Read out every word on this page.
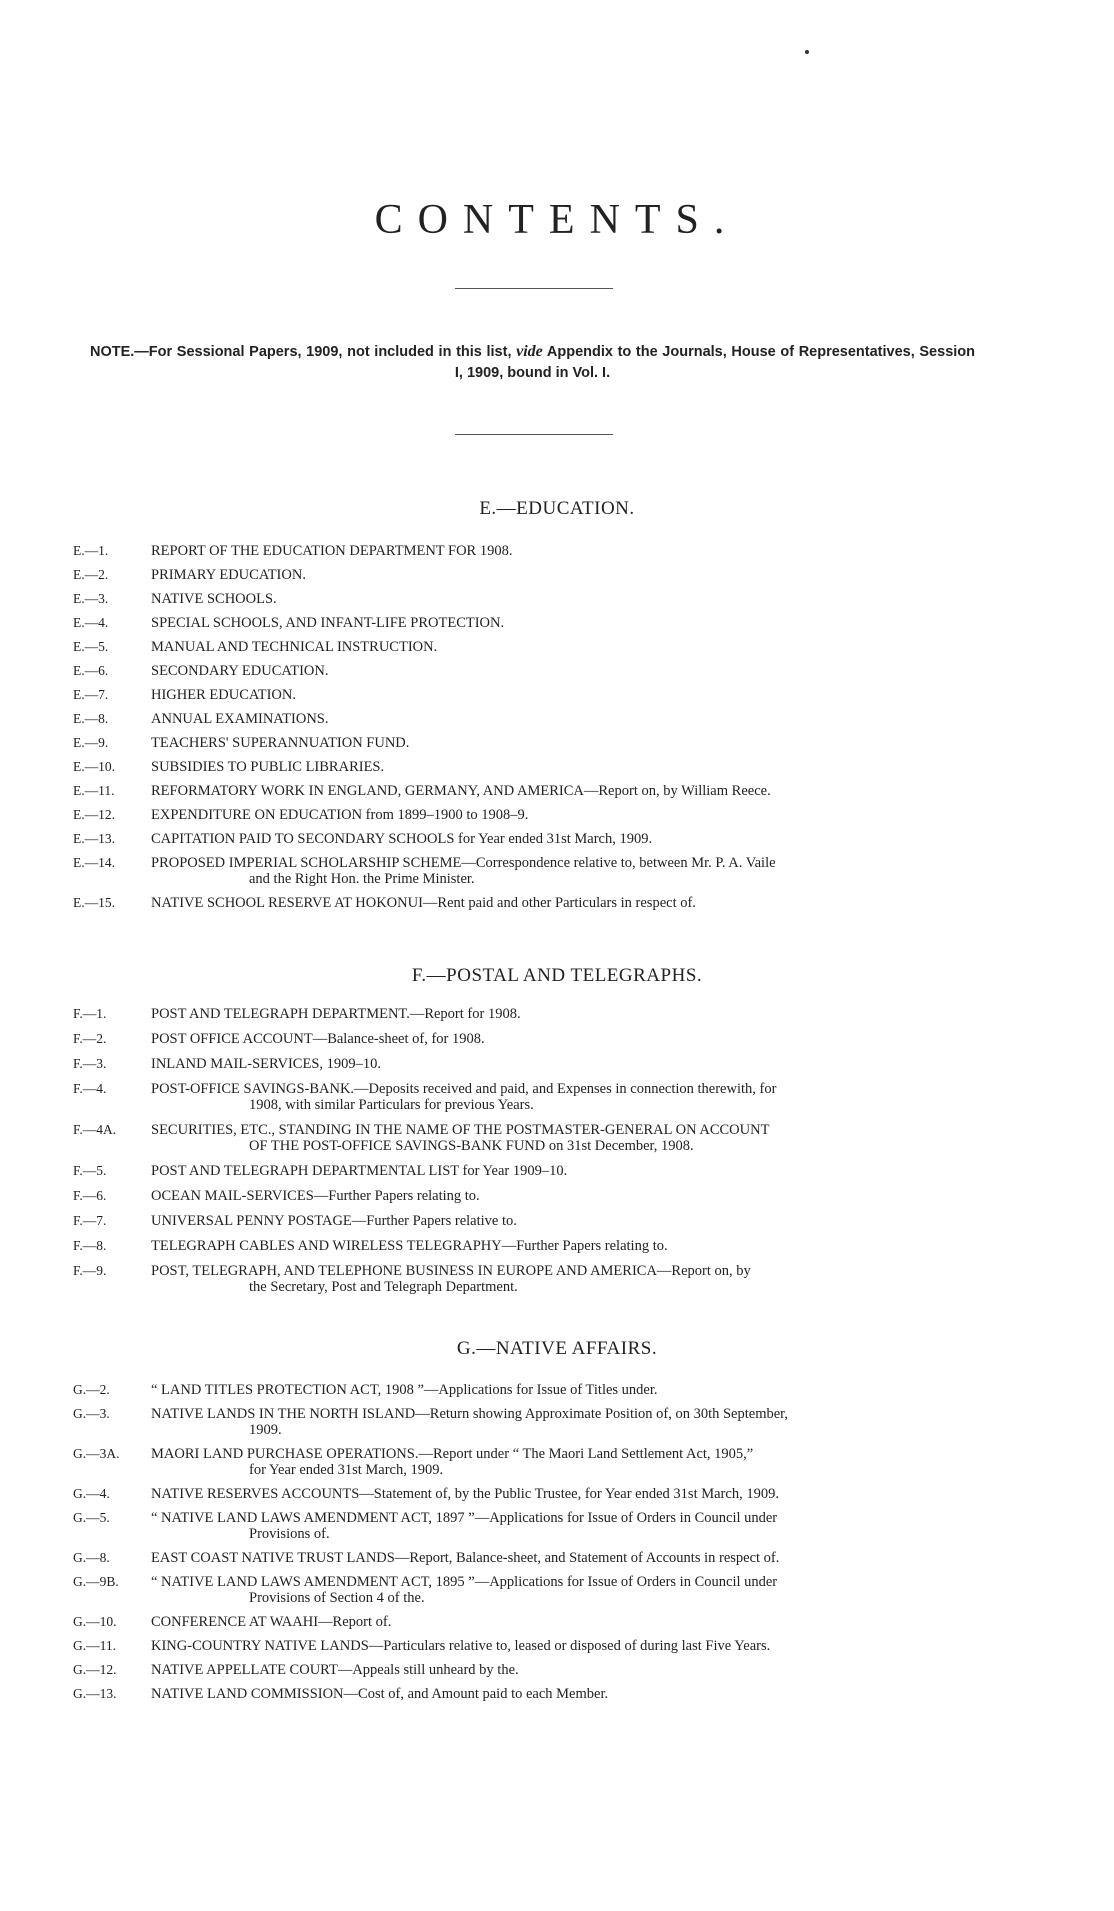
CONTENTS.
NOTE.—For Sessional Papers, 1909, not included in this list, vide Appendix to the Journals, House of Representatives, Session I, 1909, bound in Vol. I.
E.—EDUCATION.
E.—1.	REPORT OF THE EDUCATION DEPARTMENT FOR 1908.
E.—2.	PRIMARY EDUCATION.
E.—3.	NATIVE SCHOOLS.
E.—4.	SPECIAL SCHOOLS, AND INFANT-LIFE PROTECTION.
E.—5.	MANUAL AND TECHNICAL INSTRUCTION.
E.—6.	SECONDARY EDUCATION.
E.—7.	HIGHER EDUCATION.
E.—8.	ANNUAL EXAMINATIONS.
E.—9.	TEACHERS' SUPERANNUATION FUND.
E.—10.	SUBSIDIES TO PUBLIC LIBRARIES.
E.—11.	REFORMATORY WORK IN ENGLAND, GERMANY, AND AMERICA—Report on, by William Reece.
E.—12.	EXPENDITURE ON EDUCATION from 1899–1900 to 1908–9.
E.—13.	CAPITATION PAID TO SECONDARY SCHOOLS for Year ended 31st March, 1909.
E.—14.	PROPOSED IMPERIAL SCHOLARSHIP SCHEME—Correspondence relative to, between Mr. P. A. Vaile
and the Right Hon. the Prime Minister.
E.—15.	NATIVE SCHOOL RESERVE AT HOKONUI—Rent paid and other Particulars in respect of.
F.—POSTAL AND TELEGRAPHS.
F.—1.	POST AND TELEGRAPH DEPARTMENT.—Report for 1908.
F.—2.	POST OFFICE ACCOUNT—Balance-sheet of, for 1908.
F.—3.	INLAND MAIL-SERVICES, 1909–10.
F.—4.	POST-OFFICE SAVINGS-BANK.—Deposits received and paid, and Expenses in connection therewith, for
1908, with similar Particulars for previous Years.
F.—4A.	SECURITIES, ETC., STANDING IN THE NAME OF THE POSTMASTER-GENERAL ON ACCOUNT
OF THE POST-OFFICE SAVINGS-BANK FUND on 31st December, 1908.
F.—5.	POST AND TELEGRAPH DEPARTMENTAL LIST for Year 1909–10.
F.—6.	OCEAN MAIL-SERVICES—Further Papers relating to.
F.—7.	UNIVERSAL PENNY POSTAGE—Further Papers relative to.
F.—8.	TELEGRAPH CABLES AND WIRELESS TELEGRAPHY—Further Papers relating to.
F.—9.	POST, TELEGRAPH, AND TELEPHONE BUSINESS IN EUROPE AND AMERICA—Report on, by
the Secretary, Post and Telegraph Department.
G.—NATIVE AFFAIRS.
G.—2.	“ LAND TITLES PROTECTION ACT, 1908 ”—Applications for Issue of Titles under.
G.—3.	NATIVE LANDS IN THE NORTH ISLAND—Return showing Approximate Position of, on 30th September,
1909.
G.—3A.	MAORI LAND PURCHASE OPERATIONS.—Report under “ The Maori Land Settlement Act, 1905,”
for Year ended 31st March, 1909.
G.—4.	NATIVE RESERVES ACCOUNTS—Statement of, by the Public Trustee, for Year ended 31st March, 1909.
G.—5.	“ NATIVE LAND LAWS AMENDMENT ACT, 1897 ”—Applications for Issue of Orders in Council under
Provisions of.
G.—8.	EAST COAST NATIVE TRUST LANDS—Report, Balance-sheet, and Statement of Accounts in respect of.
G.—9B.	“ NATIVE LAND LAWS AMENDMENT ACT, 1895 ”—Applications for Issue of Orders in Council under
Provisions of Section 4 of the.
G.—10.	CONFERENCE AT WAAHI—Report of.
G.—11.	KING-COUNTRY NATIVE LANDS—Particulars relative to, leased or disposed of during last Five Years.
G.—12.	NATIVE APPELLATE COURT—Appeals still unheard by the.
G.—13.	NATIVE LAND COMMISSION—Cost of, and Amount paid to each Member.
